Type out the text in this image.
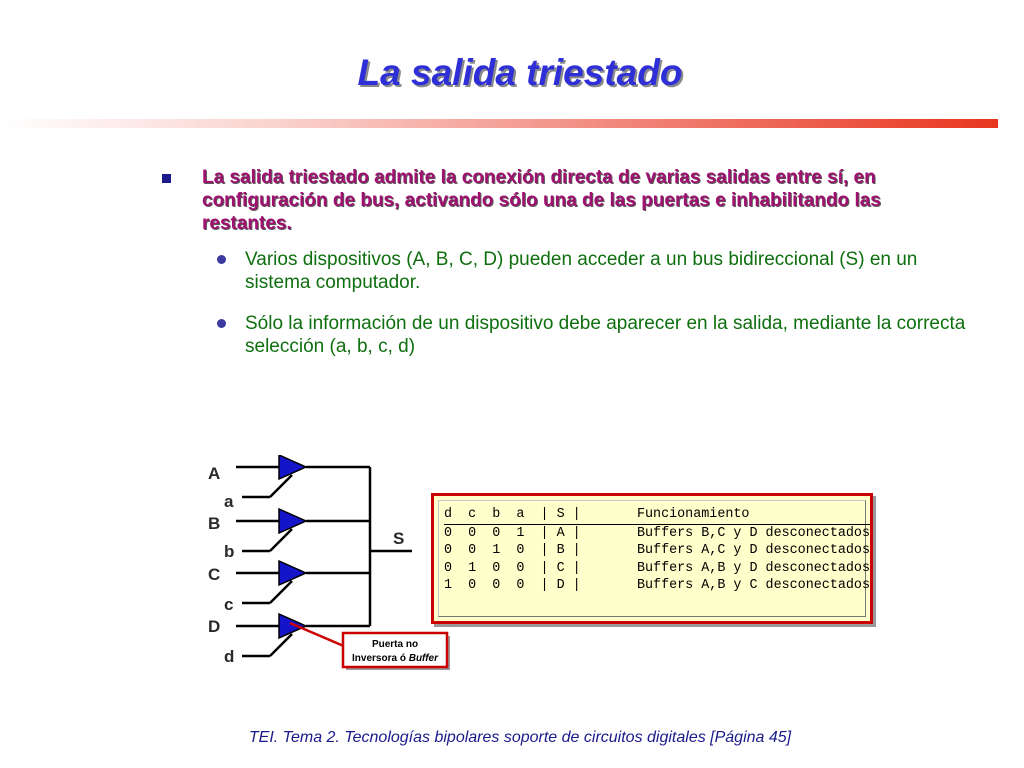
La salida triestado
La salida triestado admite la conexión directa de varias salidas entre sí, en configuración de bus, activando sólo una de las puertas e inhabilitando las restantes.
Varios dispositivos (A, B, C, D) pueden acceder a un bus bidireccional (S) en un sistema computador.
Sólo la información de un dispositivo debe aparecer en la salida, mediante la correcta selección (a, b, c, d)
S
A
a
B
b
C
c
D
d
Puerta no
Inversora ó Buffer
d	c	b	a	|	S	|	Funcionamiento
0	0	0	1	|	A	|	Buffers B,C y D desconectados
0	0	1	0	|	B	|	Buffers A,C y D desconectados
0	1	0	0	|	C	|	Buffers A,B y D desconectados
1	0	0	0	|	D	|	Buffers A,B y C desconectados
TEI. Tema 2. Tecnologías bipolares soporte de circuitos digitales [Página 45]
